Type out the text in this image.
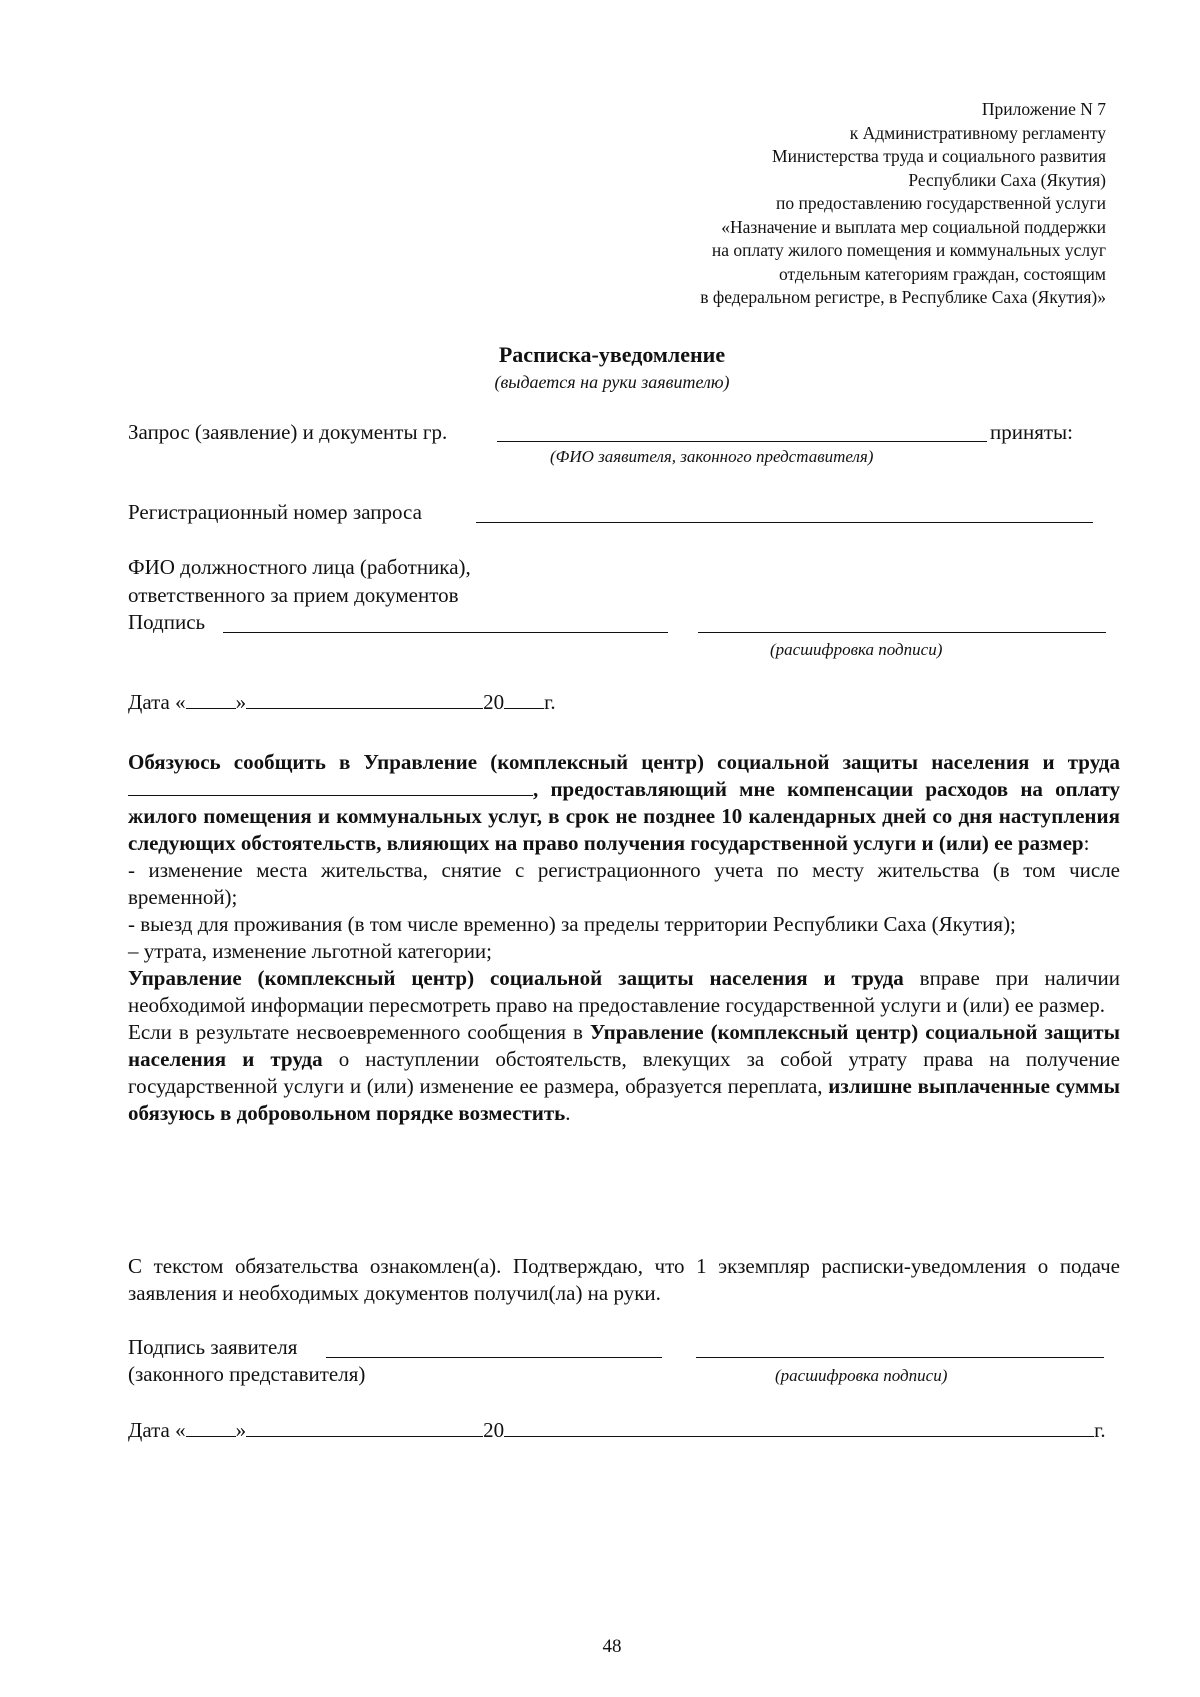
Приложение N 7
к Административному регламенту
Министерства труда и социального развития
Республики Саха (Якутия)
по предоставлению государственной услуги
«Назначение и выплата мер социальной поддержки
на оплату жилого помещения и коммунальных услуг
отдельным категориям граждан, состоящим
в федеральном регистре, в Республике Саха (Якутия)»
Расписка-уведомление
(выдается на руки заявителю)
Запрос (заявление) и документы гр.	приняты:
(ФИО заявителя, законного представителя)
Регистрационный номер запроса
ФИО должностного лица (работника),
ответственного за прием документов
Подпись
(расшифровка подписи)
Дата « »	20 г.

Обязуюсь сообщить в Управление (комплексный центр) социальной защиты населения и труда, предоставляющий мне компенсации расходов на оплату жилого помещения и коммунальных услуг, в срок не позднее 10 календарных дней со дня наступления следующих обстоятельств, влияющих на право получения государственной услуги и (или) ее размер:

- изменение места жительства, снятие с регистрационного учета по месту жительства (в том числе временной);

- выезд для проживания (в том числе временно) за пределы территории Республики Саха (Якутия);

– утрата, изменение льготной категории;

Управление (комплексный центр) социальной защиты населения и труда вправе при наличии необходимой информации пересмотреть право на предоставление государственной услуги и (или) ее размер.

Если в результате несвоевременного сообщения в Управление (комплексный центр) социальной защиты населения и труда о наступлении обстоятельств, влекущих за собой утрату права на получение государственной услуги и (или) изменение ее размера, образуется переплата, излишне выплаченные суммы обязуюсь в добровольном порядке возместить.

С текстом обязательства ознакомлен(а). Подтверждаю, что 1 экземпляр расписки-уведомления о подаче заявления и необходимых документов получил(ла) на руки.
Подпись заявителя
(законного представителя)	(расшифровка подписи)
Дата « »	20	г.
48
